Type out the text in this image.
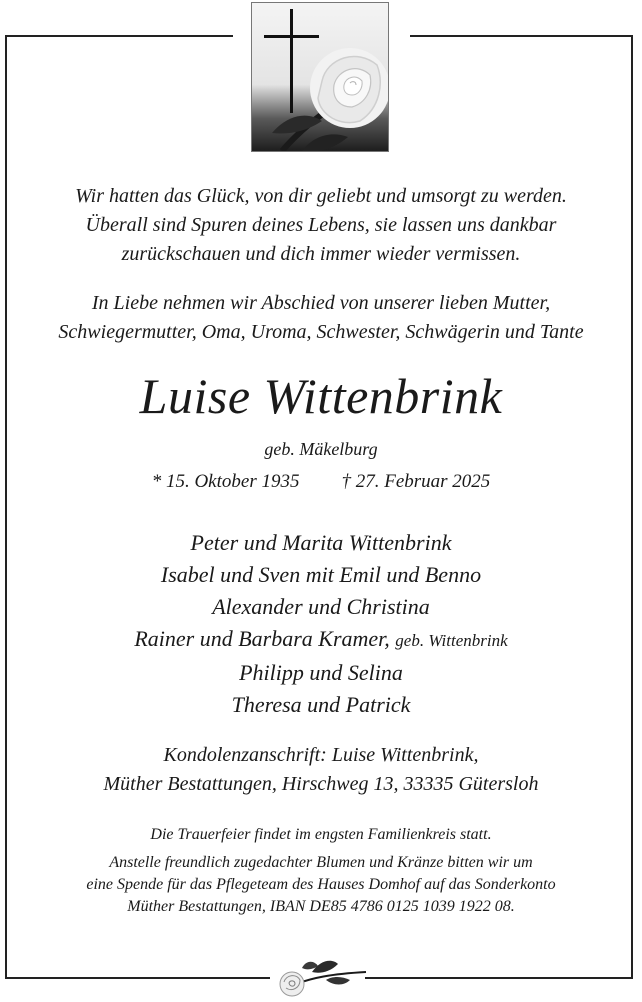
Wir hatten das Glück, von dir geliebt und umsorgt zu werden.
Überall sind Spuren deines Lebens, sie lassen uns dankbar
zurückschauen und dich immer wieder vermissen.
In Liebe nehmen wir Abschied von unserer lieben Mutter,
Schwiegermutter, Oma, Uroma, Schwester, Schwägerin und Tante
Luise Wittenbrink
geb. Mäkelburg
* 15. Oktober 1935 † 27. Februar 2025
Peter und Marita Wittenbrink
Isabel und Sven mit Emil und Benno
Alexander und Christina
Rainer und Barbara Kramer, geb. Wittenbrink
Philipp und Selina
Theresa und Patrick
Kondolenzanschrift: Luise Wittenbrink,
Müther Bestattungen, Hirschweg 13, 33335 Gütersloh
Die Trauerfeier findet im engsten Familienkreis statt.
Anstelle freundlich zugedachter Blumen und Kränze bitten wir um
eine Spende für das Pflegeteam des Hauses Domhof auf das Sonderkonto
Müther Bestattungen, IBAN DE85 4786 0125 1039 1922 08.
